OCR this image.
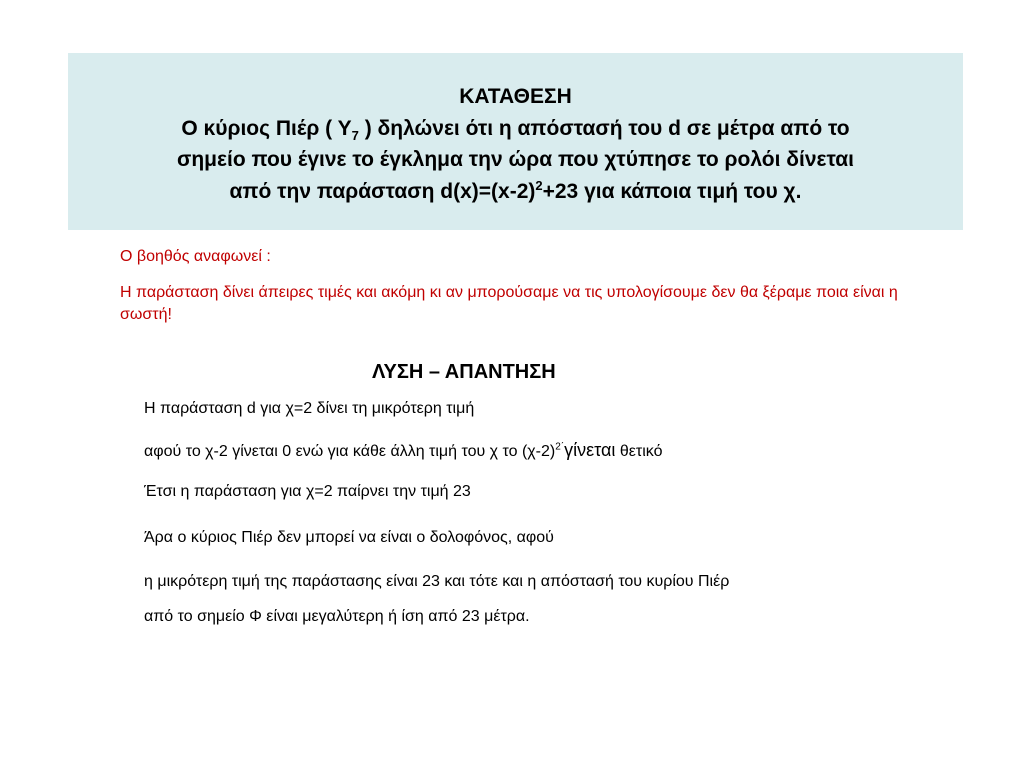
ΚΑΤΑΘΕΣΗ
Ο κύριος Πιέρ ( $\Upsilon_7$ ) δηλώνει ότι η απόστασή του d σε μέτρα από το
σημείο που έγινε το έγκλημα την ώρα που χτύπησε το ρολόι δίνεται
από την παράσταση $d(x)=(x-2)^2+23$ για κάποια τιμή του χ.

Ο βοηθός αναφωνεί :

Η παράσταση δίνει άπειρες τιμές και ακόμη κι αν μπορούσαμε να τις υπολογίσουμε δεν θα ξέραμε ποια είναι η σωστή!

ΛΥΣΗ – ΑΠΑΝΤΗΣΗ
Η παράσταση d για χ=2 δίνει τη μικρότερη τιμή
αφού το χ-2 γίνεται 0 ενώ για κάθε άλλη τιμή του χ το $(\chi-2)^{2΄}\gamma ί\nu\varepsilon\tau\alpha\iota$ θετικό
Έτσι η παράσταση για χ=2 παίρνει την τιμή 23
Άρα ο κύριος Πιέρ δεν μπορεί να είναι ο δολοφόνος, αφού
η μικρότερη τιμή της παράστασης είναι 23 και τότε και η απόστασή του κυρίου Πιέρ
από το σημείο Φ είναι μεγαλύτερη ή ίση από 23 μέτρα.
